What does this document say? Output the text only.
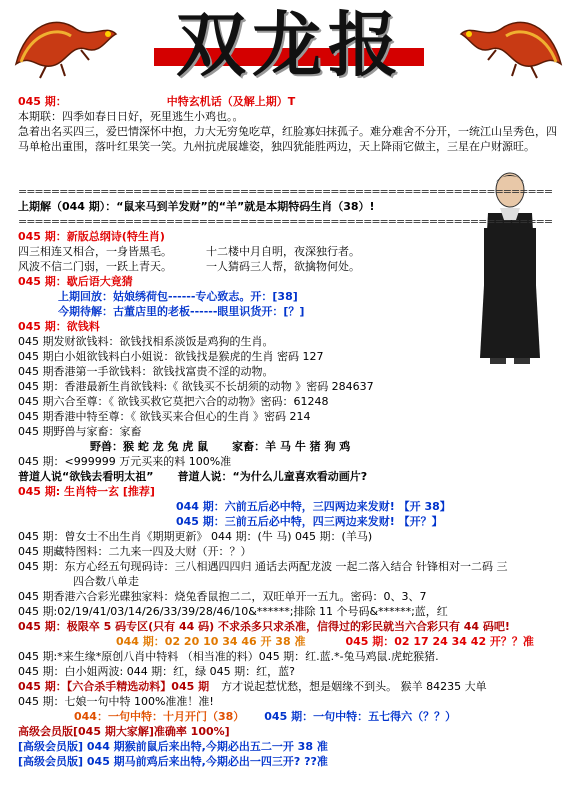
双龙报
045 期：	中特玄机话（及解上期）T
本期联：四季如春日日好，死里逃生小鸡也。。
急着出名买四三，爱巴情深怀中抱，力大无穷兔吃草，红脸寡妇抹孤子。难分难舍不分开，一统江山呈秀色，四马单枪出重围，落叶红果笑一笑。九州抗虎展雄姿，独四犹能胜两边，天上降雨它做主，三星在户财源旺。
=================================================================
上期解（044 期）：“鼠来马到羊发财”的“羊”就是本期特码生肖（38）!
=================================================================
045 期：新版总纲诗(特生肖)
四三相连又相合，一身皆黑毛。	十二楼中月自明，夜深独行者。
风波不信二门弱，一跃上青天。	一人猜码三人帮，欲擒物何处。
045 期：歇后语大竟猜
上期回放：姑娘绣荷包------专心致志。开：[38]
今期待解：古董店里的老板------眼里识货开：[？]
045 期：欲钱料
045 期发财欲钱料：欲钱找相系淡饭是鸡狗的生肖。
045 期白小姐欲钱料白小姐说：欲钱找是猴虎的生肖 密码 127
045 期香港第一手欲钱料：欲钱找富贵不淫的动物。
045 期：香港最新生肖欲钱料:《 欲钱买不长胡须的动物 》密码 284637
045 期六合至尊：《 欲钱买救它莫把六合的动物》密码：61248
045 期香港中特至尊：《 欲钱买来合但心的生肖 》密码 214
045 期野兽与家畜：家畜
野兽：猴 蛇 龙 兔 虎 鼠 家畜：羊 马 牛 猪 狗 鸡
045 期：<999999 万元买来的料 100%准
普道人说“欲钱去看明太祖” 普道人说：“为什么儿童喜欢看动画片?
045 期: 生肖特一玄 [推荐]
044 期：六前五后必中特，三四两边来发财! 【开 38】
045 期：三前五后必中特，四三两边来发财! 【开？】
045 期：曾女士不出生肖《期期更新》 044 期：(牛 马) 045 期：(羊马)
045 期藏特图料：二九来一四及大财（开：？）
045 期：东方心经五句现码诗：三八相遇四四归 通话去两配龙波 一起二落入结合 针锋相对一二码 三
四合数八单走
045 期香港六合彩光碟独家料：烧兔香鼠抱二二，双旺单开一五九。密码：0、3、7
045 期:02/19/41/03/14/26/33/39/28/46/10&******;排除 11 个号码&******;蓝，红
045 期：极限卒 5 码专区(只有 44 码) 不求杀多只求杀准，信得过的彩民就当六合彩只有 44 码吧!
044 期：02 20 10 34 46 开 38 准	045 期：02 17 24 34 42 开？？准
045 期:*来生缘*原创八肖中特料 （相当准的料）045 期：红.蓝.*-兔马鸡鼠.虎蛇猴猪.
045 期：白小姐两波: 044 期：红，绿 045 期：红，蓝?
045 期：【六合杀手精选动料】045 期 方才说起惹忧愁，想是姻缘不到头。 猴羊 84235 大单
045 期：七娘一句中特 100%准准！准!
044：一句中特：十月开门（38） 045 期：一句中特：五七得六（？？）
高级会员版[045 期大家解]准确率 100%]
[高级会员版] 044 期猴前鼠后来出特,今期必出五二一开 38 准
[高级会员版] 045 期马前鸡后来出特,今期必出一四三开? ??准
